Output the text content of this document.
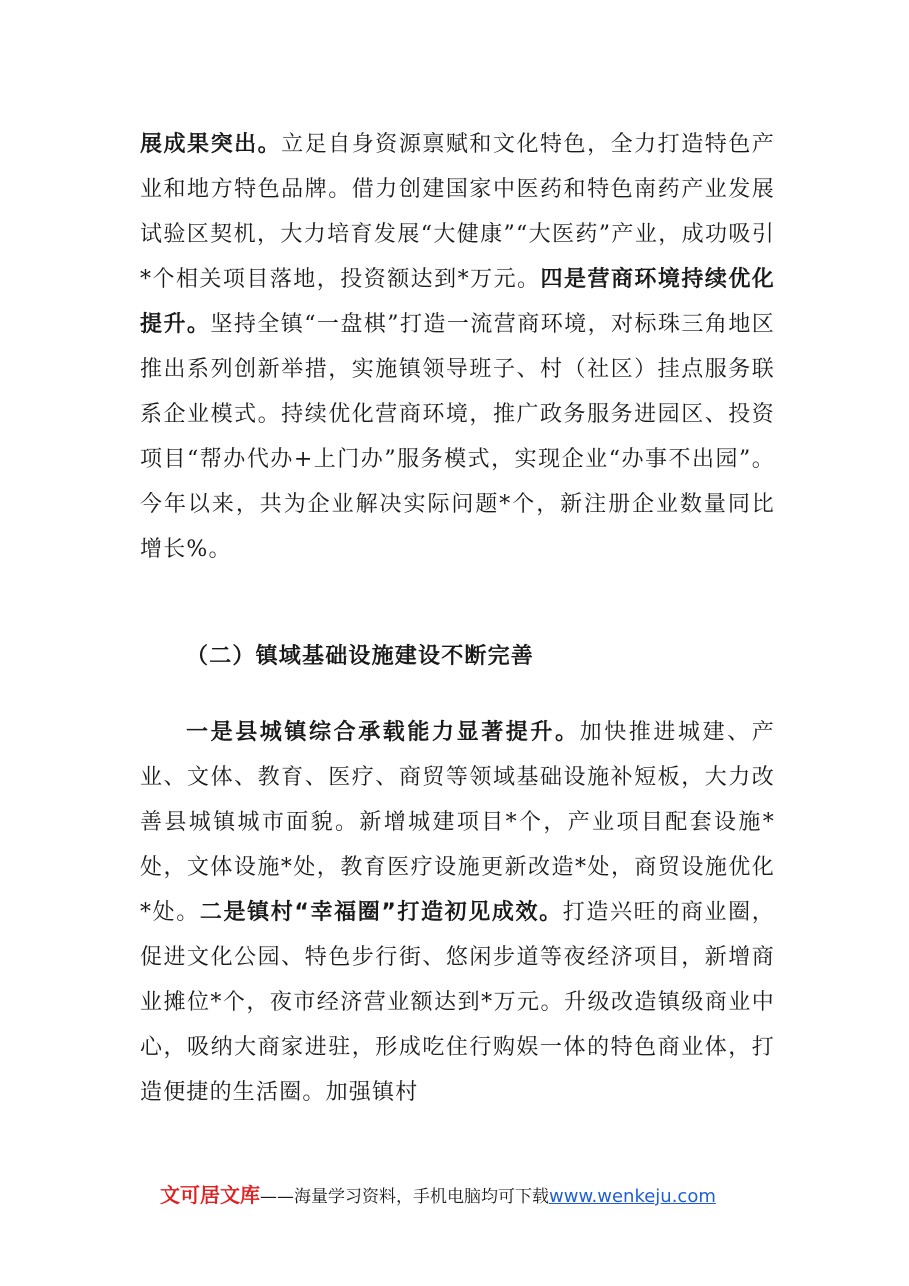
展成果突出。立足自身资源禀赋和文化特色，全力打造特色产业和地方特色品牌。借力创建国家中医药和特色南药产业发展试验区契机，大力培育发展“大健康”“大医药”产业，成功吸引*个相关项目落地，投资额达到*万元。四是营商环境持续优化提升。坚持全镇“一盘棋”打造一流营商环境，对标珠三角地区推出系列创新举措，实施镇领导班子、村（社区）挂点服务联系企业模式。持续优化营商环境，推广政务服务进园区、投资项目“帮办代办+上门办”服务模式，实现企业“办事不出园”。今年以来，共为企业解决实际问题*个，新注册企业数量同比增长%。

（二）镇域基础设施建设不断完善

一是县城镇综合承载能力显著提升。加快推进城建、产业、文体、教育、医疗、商贸等领域基础设施补短板，大力改善县城镇城市面貌。新增城建项目*个，产业项目配套设施*处，文体设施*处，教育医疗设施更新改造*处，商贸设施优化*处。二是镇村“幸福圈”打造初见成效。打造兴旺的商业圈，促进文化公园、特色步行街、悠闲步道等夜经济项目，新增商业摊位*个，夜市经济营业额达到*万元。升级改造镇级商业中心，吸纳大商家进驻，形成吃住行购娱一体的特色商业体，打造便捷的生活圈。加强镇村

文可居文库——海量学习资料，手机电脑均可下载www.wenkeju.com
